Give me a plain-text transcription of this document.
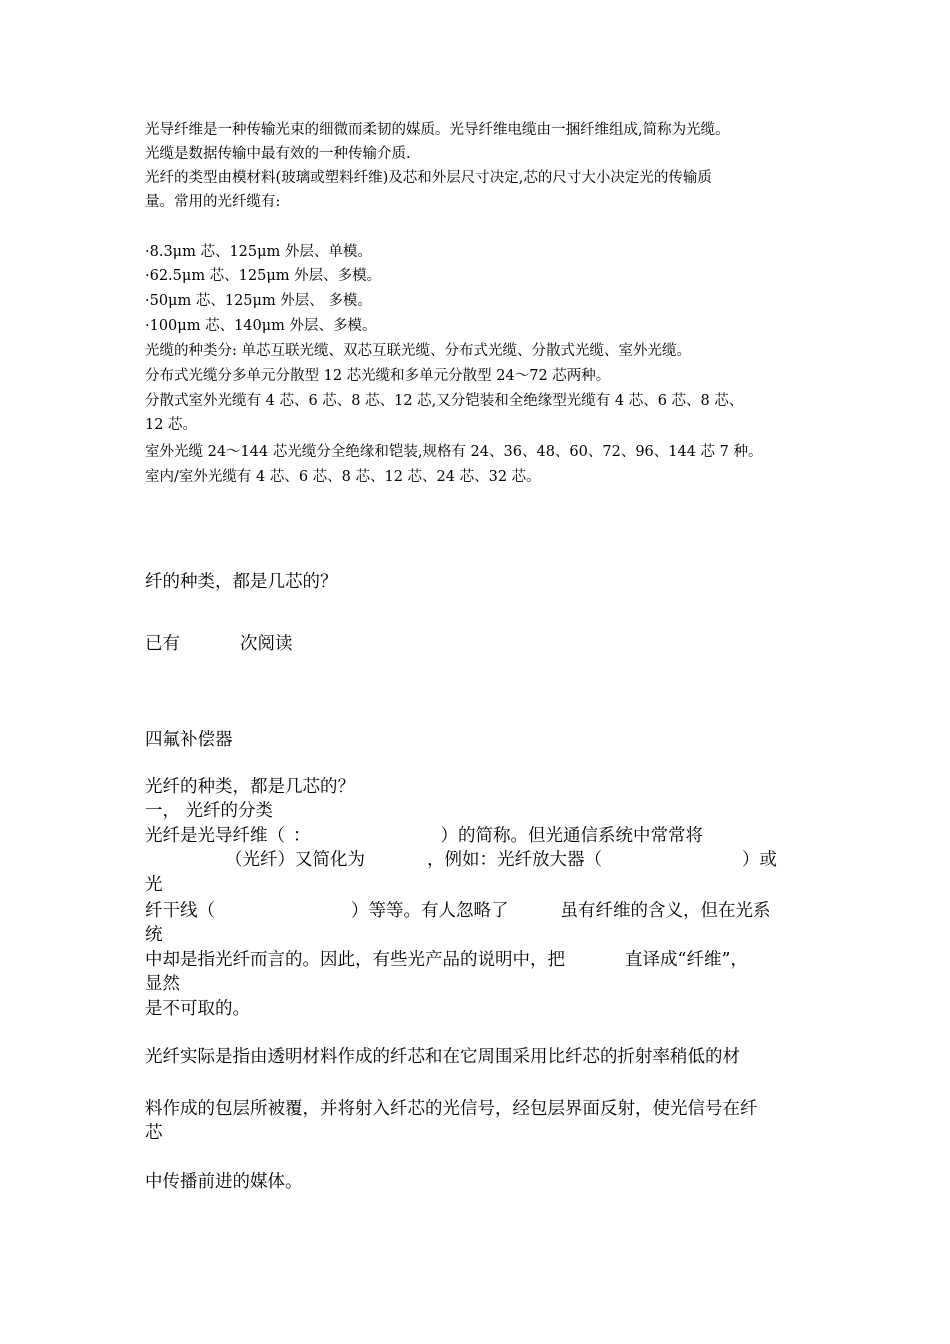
光导纤维是一种传输光束的细微而柔韧的媒质。光导纤维电缆由一捆纤维组成,简称为光缆。
光缆是数据传输中最有效的一种传输介质.
光纤的类型由模材料(玻璃或塑料纤维)及芯和外层尺寸决定,芯的尺寸大小决定光的传输质
量。常用的光纤缆有:
·8.3μm 芯、125μm 外层、单模。
·62.5μm 芯、125μm 外层、多模。
·50μm 芯、125μm 外层、 多模。
·100μm 芯、140μm 外层、多模。
光缆的种类分: 单芯互联光缆、双芯互联光缆、分布式光缆、分散式光缆、室外光缆。
分布式光缆分多单元分散型 12 芯光缆和多单元分散型 24～72 芯两种。
分散式室外光缆有 4 芯、6 芯、8 芯、12 芯,又分铠装和全绝缘型光缆有 4 芯、6 芯、8 芯、
12 芯。
室外光缆 24～144 芯光缆分全绝缘和铠装,规格有 24、36、48、60、72、96、144 芯 7 种。
室内/室外光缆有 4 芯、6 芯、8 芯、12 芯、24 芯、32 芯。
纤的种类，都是几芯的？
已有	次阅读
四氟补偿器
光纤的种类，都是几芯的？
一， 光纤的分类
光纤是光导纤维（ ：	）的简称。但光通信系统中常常将
（光纤）又简化为	，例如：光纤放大器（	）或
光
纤干线（	）等等。有人忽略了	虽有纤维的含义，但在光系
统
中却是指光纤而言的。因此，有些光产品的说明中，把	直译成“纤维”，
显然
是不可取的。
光纤实际是指由透明材料作成的纤芯和在它周围采用比纤芯的折射率稍低的材
料作成的包层所被覆，并将射入纤芯的光信号，经包层界面反射，使光信号在纤
芯
中传播前进的媒体。
